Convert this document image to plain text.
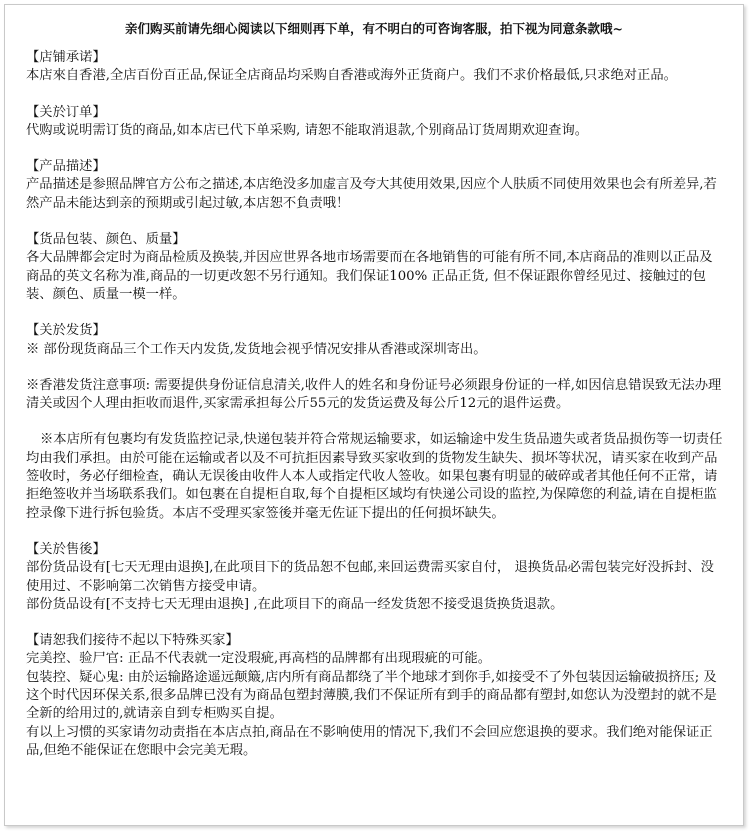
亲们购买前请先细心阅读以下细则再下单，有不明白的可咨询客服，拍下视为同意条款哦~

【店铺承诺】

本店來自香港,全店百份百正品,保证全店商品均采购自香港或海外正货商户。我们不求价格最低,只求绝对正品。

【关於订单】

代购或说明需订货的商品,如本店已代下单采购, 请恕不能取消退款,个别商品订货周期欢迎查询。

【产品描述】

产品描述是参照品牌官方公布之描述,本店绝没多加虚言及夸大其使用效果,因应个人肤质不同使用效果也会有所差异,若然产品未能达到亲的预期或引起过敏,本店恕不負责哦！

【货品包装、颜色、质量】

各大品牌都会定时为商品检质及换装,并因应世界各地市场需要而在各地销售的可能有所不同,本店商品的准则以正品及商品的英文名称为准,商品的一切更改恕不另行通知。我们保证100% 正品正货, 但不保证跟你曾经见过、接触过的包装、颜色、质量一模一样。

【关於发货】

※ 部份现货商品三个工作天内发货,发货地会视乎情况安排从香港或深圳寄出。

※香港发货注意事项: 需要提供身份证信息清关,收件人的姓名和身份证号必须跟身份证的一样,如因信息错误致无法办理清关或因个人理由拒收而退件,买家需承担每公斤55元的发货运费及每公斤12元的退件运费。

※本店所有包裹均有发货监控记录,快递包装并符合常规运输要求，如运输途中发生货品遗失或者货品损伤等一切责任均由我们承担。由於可能在运输或者以及不可抗拒因素导致买家收到的货物发生缺失、损坏等状况，请买家在收到产品签收时，务必仔细检查，确认无误後由收件人本人或指定代收人签收。如果包裹有明显的破碎或者其他任何不正常，请拒绝签收并当场联系我们。如包裹在自提柜自取,每个自提柜区域均有快递公司设的监控,为保障您的利益,请在自提柜监控录像下进行拆包验货。本店不受理买家签後并毫无佐证下提出的任何损坏缺失。

【关於售後】

部份货品设有[七天无理由退换],在此项目下的货品恕不包邮,来回运费需买家自付， 退换货品必需包装完好没拆封、没使用过、不影响第二次销售方接受申请。

部份货品设有[不支持七天无理由退换] ,在此项目下的商品一经发货恕不接受退货换货退款。

【请恕我们接待不起以下特殊买家】

完美控、验尸官: 正品不代表就一定没瑕疵,再高档的品牌都有出现瑕疵的可能。

包装控、疑心鬼: 由於运输路途遥远颠簸,店内所有商品都绕了半个地球才到你手,如接受不了外包装因运输破损挤压; 及这个时代因环保关系,很多品牌已没有为商品包塑封薄膜,我们不保证所有到手的商品都有塑封,如您认为没塑封的就不是全新的给用过的,就请亲自到专柜购买自提。

有以上习惯的买家请勿动责指在本店点拍,商品在不影响使用的情况下,我们不会回应您退换的要求。我们绝对能保证正品,但绝不能保证在您眼中会完美无瑕。
